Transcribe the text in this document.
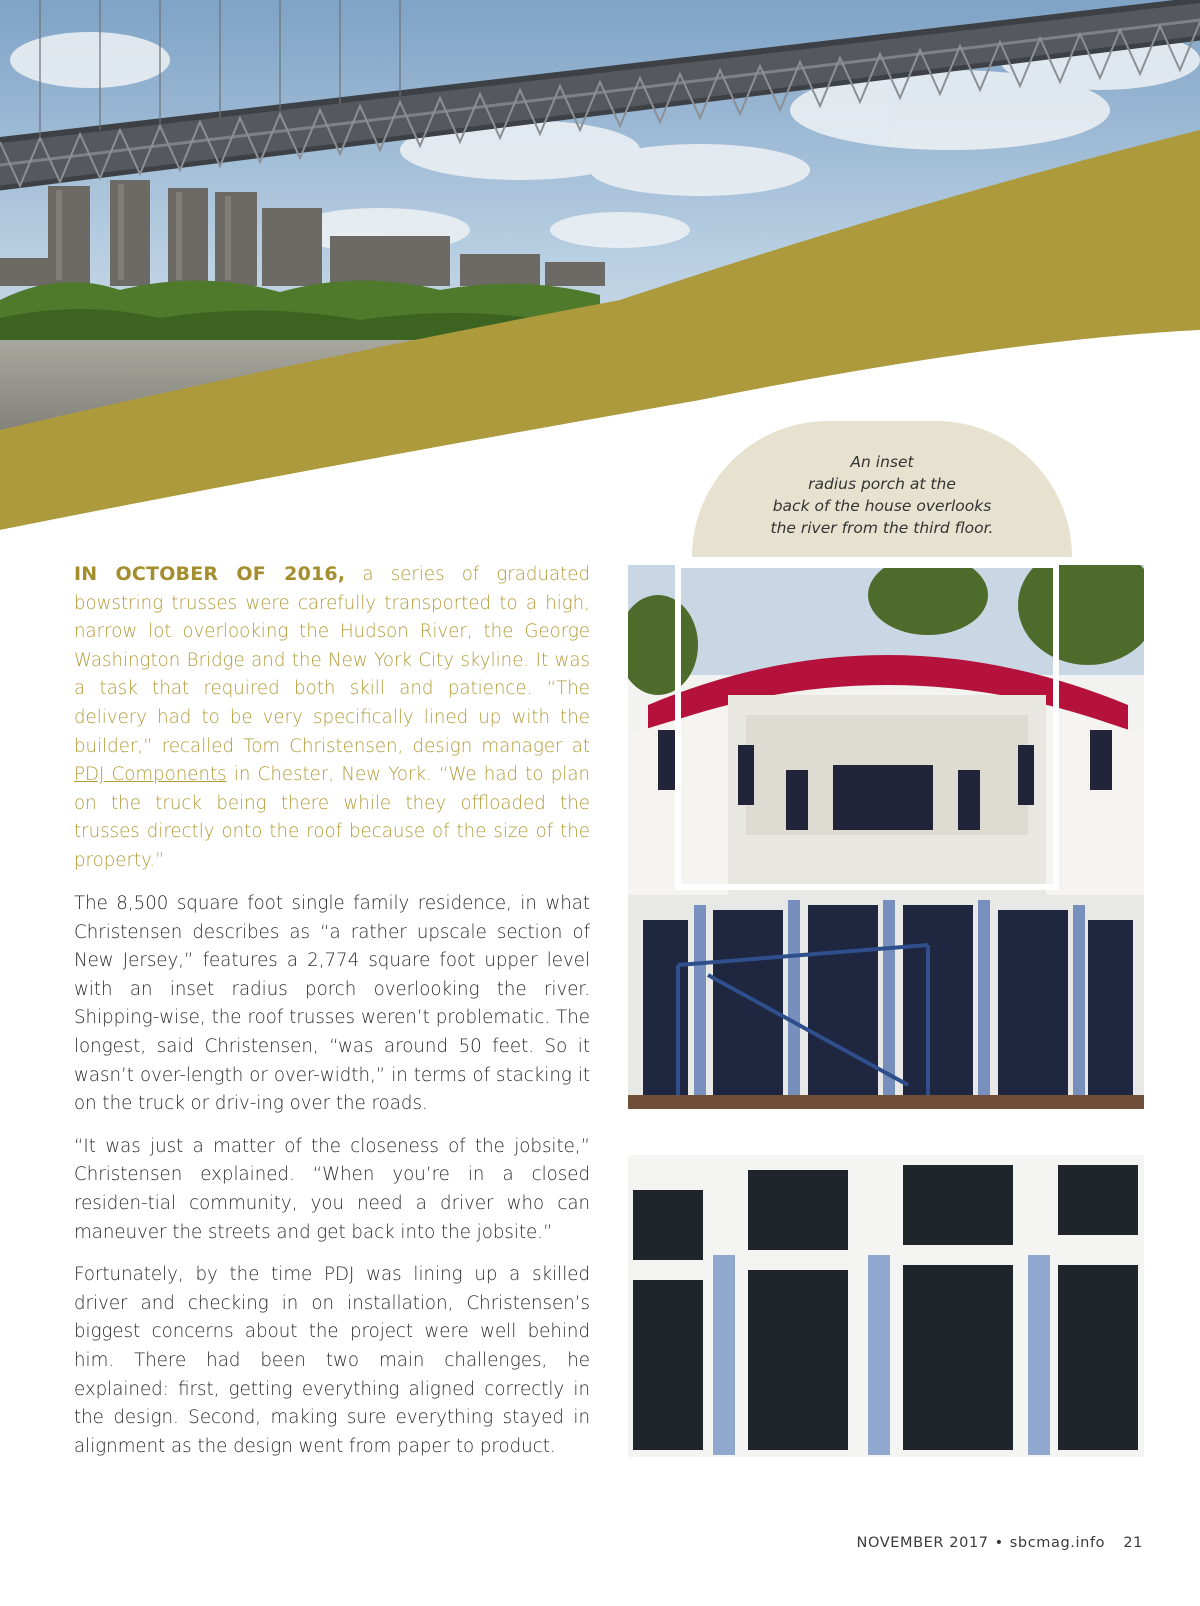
An inset
radius porch at the
back of the house overlooks
the river from the third floor.
IN OCTOBER OF 2016, a series of graduated bowstring trusses were carefully transported to a high, narrow lot overlooking the Hudson River, the George Washington Bridge and the New York City skyline. It was a task that required both skill and patience. “The delivery had to be very specifically lined up with the builder,” recalled Tom Christensen, design manager at PDJ Components in Chester, New York. “We had to plan on the truck being there while they offloaded the trusses directly onto the roof because of the size of the property.”

The 8,500 square foot single family residence, in what Christensen describes as “a rather upscale section of New Jersey,” features a 2,774 square foot upper level with an inset radius porch overlooking the river. Shipping-wise, the roof trusses weren’t problematic. The longest, said Christensen, “was around 50 feet. So it wasn’t over-length or over-width,” in terms of stacking it on the truck or driv-ing over the roads.

“It was just a matter of the closeness of the jobsite,” Christensen explained. “When you’re in a closed residen-tial community, you need a driver who can maneuver the streets and get back into the jobsite.”

Fortunately, by the time PDJ was lining up a skilled driver and checking in on installation, Christensen’s biggest concerns about the project were well behind him. There had been two main challenges, he explained: first, getting everything aligned correctly in the design. Second, making sure everything stayed in alignment as the design went from paper to product.

NOVEMBER 2017 • sbcmag.info 21
